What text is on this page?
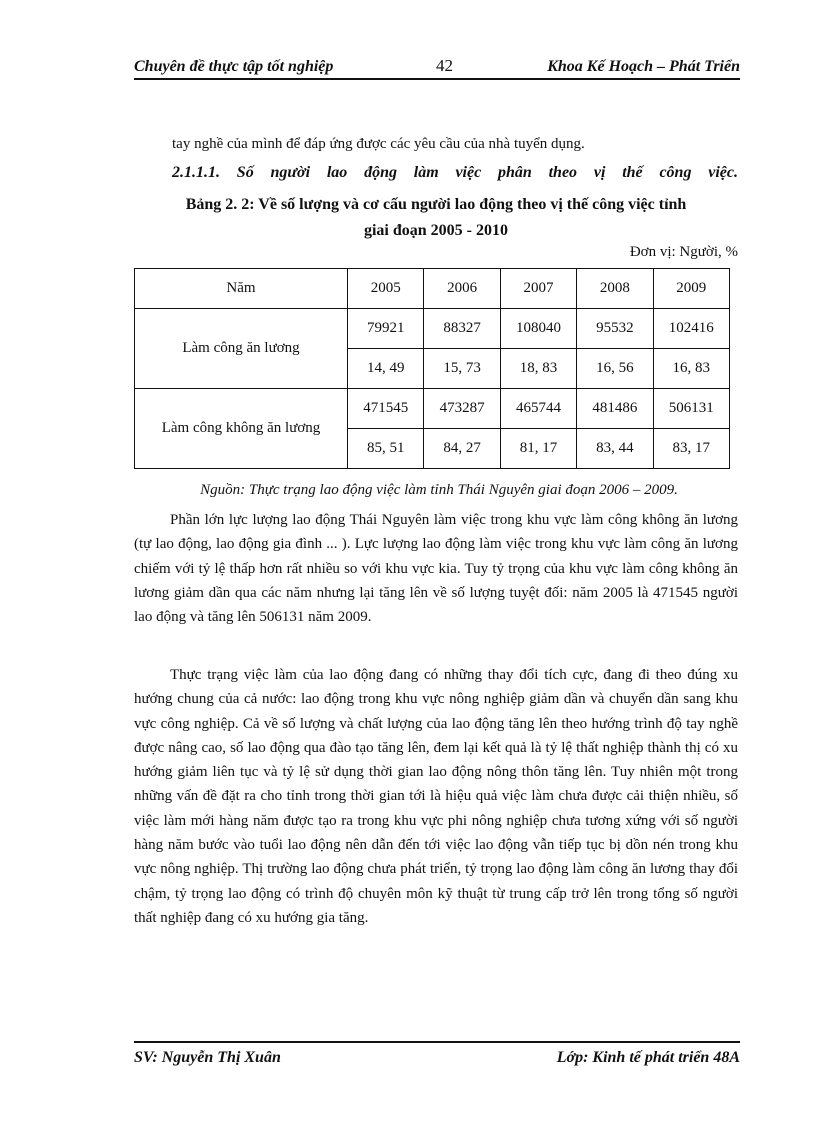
Chuyên đề thực tập tốt nghiệp	42	Khoa Kế Hoạch – Phát Triển
tay nghề của mình để đáp ứng được các yêu cầu của nhà tuyển dụng.
2.1.1.1. Số người lao động làm việc phân theo vị thế công việc.
Bảng 2. 2: Về số lượng và cơ cấu người lao động theo vị thế công việc tỉnh
giai đoạn 2005 - 2010
Đơn vị: Người, %
Năm	2005	2006	2007	2008	2009
Làm công ăn lương	79921	88327	108040	95532	102416
	14, 49	15, 73	18, 83	16, 56	16, 83
Làm công không ăn lương	471545	473287	465744	481486	506131
	85, 51	84, 27	81, 17	83, 44	83, 17
Nguồn: Thực trạng lao động việc làm tỉnh Thái Nguyên giai đoạn 2006 – 2009.
Phần lớn lực lượng lao động Thái Nguyên làm việc trong khu vực làm công không ăn lương (tự lao động, lao động gia đình ... ). Lực lượng lao động làm việc trong khu vực làm công ăn lương chiếm với tỷ lệ thấp hơn rất nhiều so với khu vực kia. Tuy tỷ trọng của khu vực làm công không ăn lương giảm dần qua các năm nhưng lại tăng lên về số lượng tuyệt đối: năm 2005 là 471545 người lao động và tăng lên 506131 năm 2009.
Thực trạng việc làm của lao động đang có những thay đổi tích cực, đang đi theo đúng xu hướng chung của cả nước: lao động trong khu vực nông nghiệp giảm dần và chuyển dần sang khu vực công nghiệp. Cả về số lượng và chất lượng của lao động tăng lên theo hướng trình độ tay nghề được nâng cao, số lao động qua đào tạo tăng lên, đem lại kết quả là tỷ lệ thất nghiệp thành thị có xu hướng giảm liên tục và tỷ lệ sử dụng thời gian lao động nông thôn tăng lên. Tuy nhiên một trong những vấn đề đặt ra cho tỉnh trong thời gian tới là hiệu quả việc làm chưa được cải thiện nhiều, số việc làm mới hàng năm được tạo ra trong khu vực phi nông nghiệp chưa tương xứng với số người hàng năm bước vào tuổi lao động nên dẫn đến tới việc lao động vẫn tiếp tục bị dồn nén trong khu vực nông nghiệp. Thị trường lao động chưa phát triển, tỷ trọng lao động làm công ăn lương thay đổi chậm, tỷ trọng lao động có trình độ chuyên môn kỹ thuật từ trung cấp trở lên trong tổng số người thất nghiệp đang có xu hướng gia tăng.
SV: Nguyễn Thị Xuân	Lớp: Kinh tế phát triển 48A
